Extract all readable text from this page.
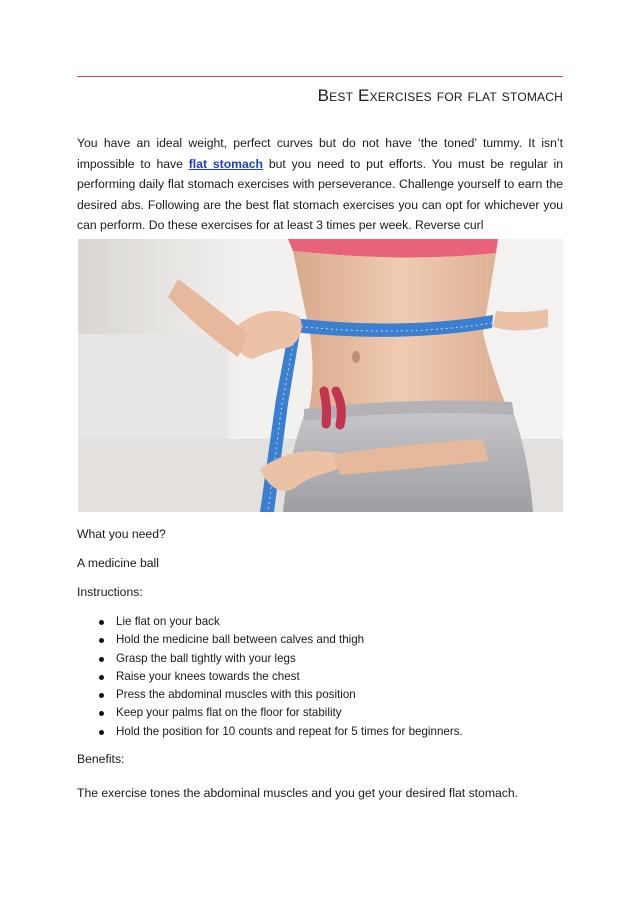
Best Exercises for flat stomach

You have an ideal weight, perfect curves but do not have ‘the toned’ tummy. It isn’t impossible to have flat stomach but you need to put efforts. You must be regular in performing daily flat stomach exercises with perseverance. Challenge yourself to earn the desired abs. Following are the best flat stomach exercises you can opt for whichever you can perform. Do these exercises for at least 3 times per week. Reverse curl

What you need?

A medicine ball

Instructions:

Lie flat on your back
Hold the medicine ball between calves and thigh
Grasp the ball tightly with your legs
Raise your knees towards the chest
Press the abdominal muscles with this position
Keep your palms flat on the floor for stability
Hold the position for 10 counts and repeat for 5 times for beginners.

Benefits:

The exercise tones the abdominal muscles and you get your desired flat stomach.
